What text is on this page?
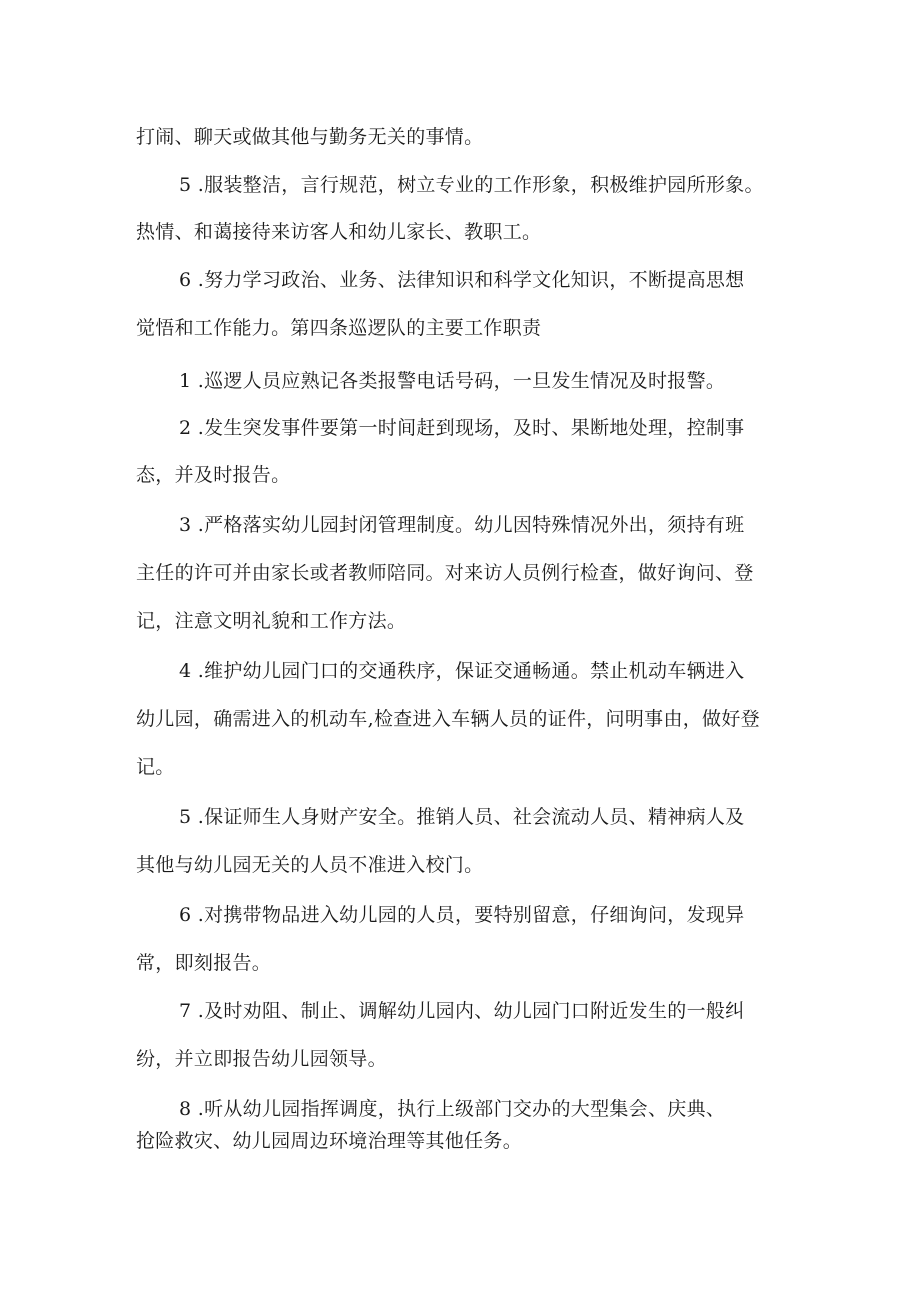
打闹、聊天或做其他与勤务无关的事情。
5 .服装整洁，言行规范，树立专业的工作形象，积极维护园所形象。
热情、和蔼接待来访客人和幼儿家长、教职工。
6 .努力学习政治、业务、法律知识和科学文化知识，不断提高思想
觉悟和工作能力。第四条巡逻队的主要工作职责
1 .巡逻人员应熟记各类报警电话号码，一旦发生情况及时报警。
2 .发生突发事件要第一时间赶到现场，及时、果断地处理，控制事
态，并及时报告。
3 .严格落实幼儿园封闭管理制度。幼儿因特殊情况外出，须持有班
主任的许可并由家长或者教师陪同。对来访人员例行检查，做好询问、登
记，注意文明礼貌和工作方法。
4 .维护幼儿园门口的交通秩序，保证交通畅通。禁止机动车辆进入
幼儿园，确需进入的机动车,检查进入车辆人员的证件，问明事由，做好登
记。
5 .保证师生人身财产安全。推销人员、社会流动人员、精神病人及
其他与幼儿园无关的人员不准进入校门。
6 .对携带物品进入幼儿园的人员，要特别留意，仔细询问，发现异
常，即刻报告。
7 .及时劝阻、制止、调解幼儿园内、幼儿园门口附近发生的一般纠
纷，并立即报告幼儿园领导。
8 .听从幼儿园指挥调度，执行上级部门交办的大型集会、庆典、
抢险救灾、幼儿园周边环境治理等其他任务。
